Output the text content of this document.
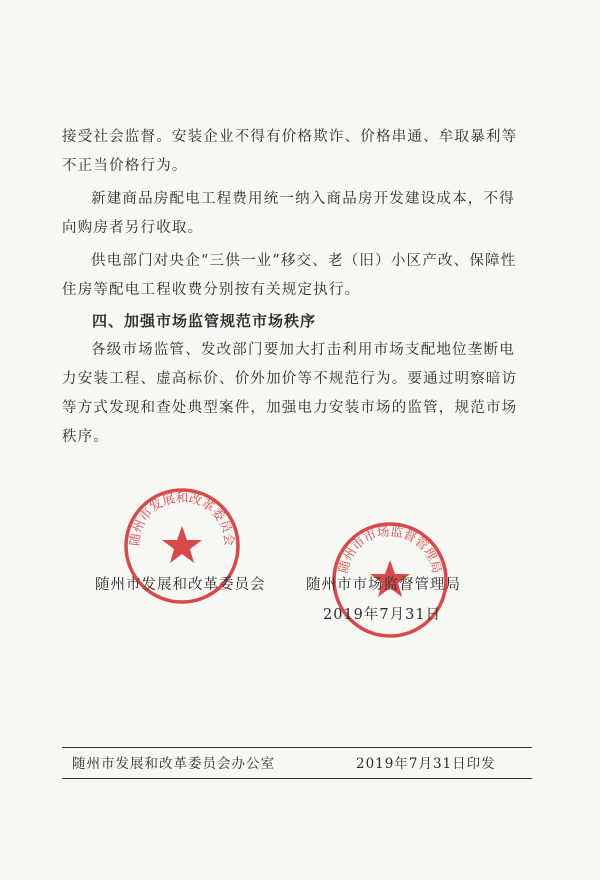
接受社会监督。安装企业不得有价格欺诈、价格串通、牟取暴利等不正当价格行为。
新建商品房配电工程费用统一纳入商品房开发建设成本，不得向购房者另行收取。
供电部门对央企“三供一业”移交、老（旧）小区产改、保障性住房等配电工程收费分别按有关规定执行。
四、加强市场监管规范市场秩序
各级市场监管、发改部门要加大打击利用市场支配地位垄断电力安装工程、虚高标价、价外加价等不规范行为。要通过明察暗访等方式发现和查处典型案件，加强电力安装市场的监管，规范市场秩序。
随州市发展和改革委员会
随州市市场监督管理局
随州市发展和改革委员会	随州市市场监督管理局
2019年7月31日
随州市发展和改革委员会办公室	2019年7月31日印发
